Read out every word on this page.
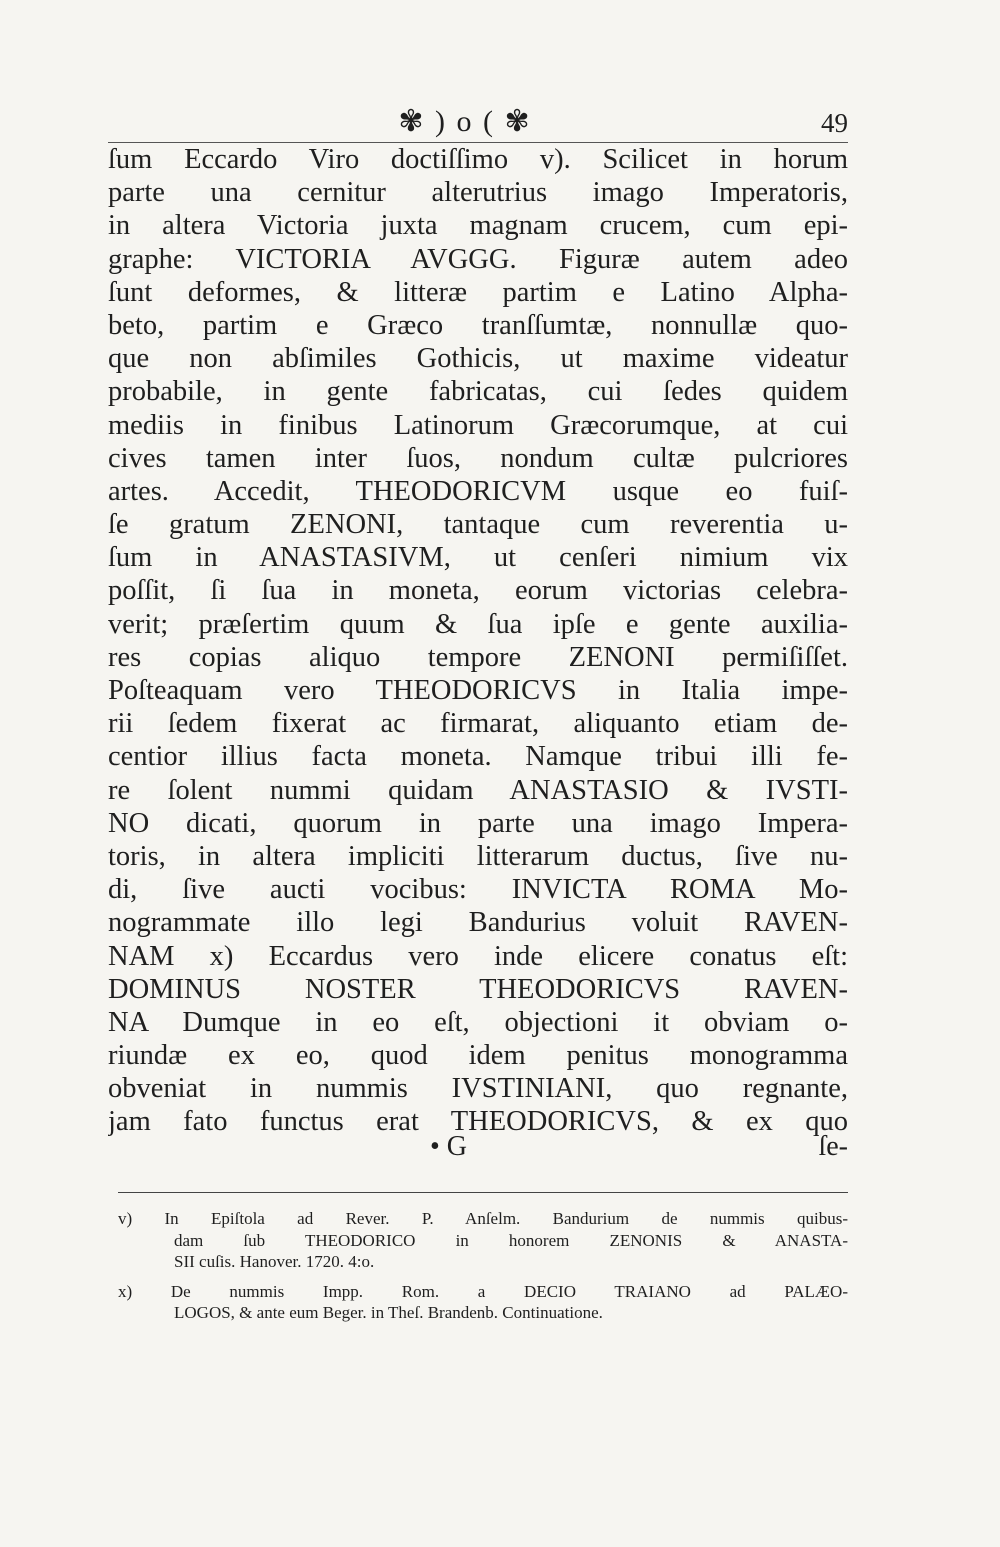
✾ ) o ( ✾	49
ſum Eccardo Viro doctiſſimo v). Scilicet in horum
parte una cernitur alterutrius imago Imperatoris,
in altera Victoria juxta magnam crucem, cum epi-
graphe: VICTORIA AVGGG. Figuræ autem adeo
ſunt deformes, & litteræ partim e Latino Alpha-
beto, partim e Græco tranſſumtæ, nonnullæ quo-
que non abſimiles Gothicis, ut maxime videatur
probabile, in gente fabricatas, cui ſedes quidem
mediis in finibus Latinorum Græcorumque, at cui
cives tamen inter ſuos, nondum cultæ pulcriores
artes. Accedit, THEODORICVM usque eo fuiſ-
ſe gratum ZENONI, tantaque cum reverentia u-
ſum in ANASTASIVM, ut cenſeri nimium vix
poſſit, ſi ſua in moneta, eorum victorias celebra-
verit; præſertim quum & ſua ipſe e gente auxilia-
res copias aliquo tempore ZENONI permiſiſſet.
Poſteaquam vero THEODORICVS in Italia impe-
rii ſedem fixerat ac firmarat, aliquanto etiam de-
centior illius facta moneta. Namque tribui illi fe-
re ſolent nummi quidam ANASTASIO & IVSTI-
NO dicati, quorum in parte una imago Impera-
toris, in altera impliciti litterarum ductus, ſive nu-
di, ſive aucti vocibus: INVICTA ROMA Mo-
nogrammate illo legi Bandurius voluit RAVEN-
NAM x) Eccardus vero inde elicere conatus eſt:
DOMINUS NOSTER THEODORICVS RAVEN-
NA Dumque in eo eſt, objectioni it obviam o-
riundæ ex eo, quod idem penitus monogramma
obveniat in nummis IVSTINIANI, quo regnante,
jam fato functus erat THEODORICVS, & ex quo
• G	ſe-
v) In Epiſtola ad Rever. P. Anſelm. Bandurium de nummis quibus-
dam ſub THEODORICO in honorem ZENONIS & ANASTA-
SII cuſis. Hanover. 1720. 4:o.
x) De nummis Impp. Rom. a DECIO TRAIANO ad PALÆO-
LOGOS, & ante eum Beger. in Theſ. Brandenb. Continuatione.
